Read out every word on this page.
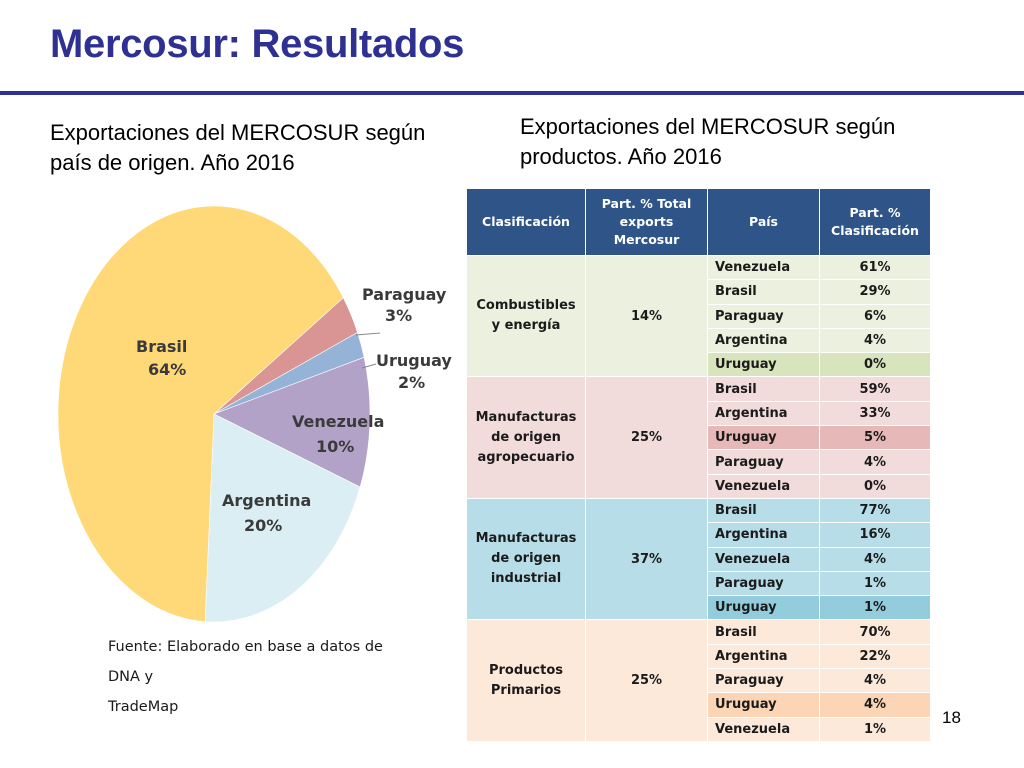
Mercosur: Resultados

Exportaciones del MERCOSUR según país de origen. Año 2016

Exportaciones del MERCOSUR según productos. Año 2016

Paraguay
3%
Uruguay
2%
Venezuela
10%
Argentina
20%
Brasil
64%
Fuente: Elaborado en base a datos de DNA y
TradeMap
Clasificación	Part. % Total exports Mercosur	País	Part. % Clasificación
Combustibles y energía	14%	Venezuela	61%
		Brasil	29%
		Paraguay	6%
		Argentina	4%
		Uruguay	0%
Manufacturas de origen agropecuario	25%	Brasil	59%
		Argentina	33%
		Uruguay	5%
		Paraguay	4%
		Venezuela	0%
Manufacturas de origen industrial	37%	Brasil	77%
		Argentina	16%
		Venezuela	4%
		Paraguay	1%
		Uruguay	1%
Productos Primarios	25%	Brasil	70%
		Argentina	22%
		Paraguay	4%
		Uruguay	4%
		Venezuela	1%
18
